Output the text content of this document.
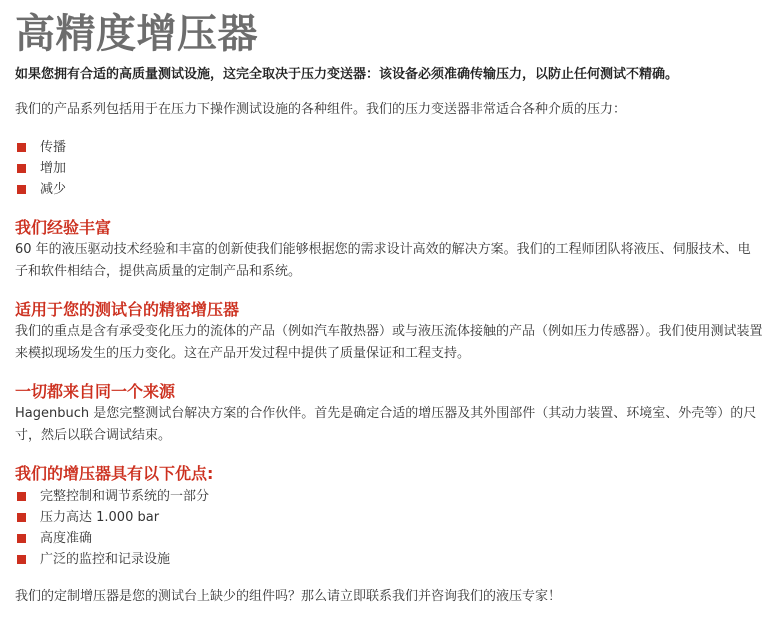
高精度增压器
如果您拥有合适的高质量测试设施，这完全取决于压力变送器：该设备必须准确传输压力，以防止任何测试不精确。
我们的产品系列包括用于在压力下操作测试设施的各种组件。我们的压力变送器非常适合各种介质的压力：
传播
增加
减少
我们经验丰富
60 年的液压驱动技术经验和丰富的创新使我们能够根据您的需求设计高效的解决方案。我们的工程师团队将液压、伺服技术、电子和软件相结合，提供高质量的定制产品和系统。
适用于您的测试台的精密增压器
我们的重点是含有承受变化压力的流体的产品（例如汽车散热器）或与液压流体接触的产品（例如压力传感器）。我们使用测试装置来模拟现场发生的压力变化。这在产品开发过程中提供了质量保证和工程支持。
一切都来自同一个来源
Hagenbuch 是您完整测试台解决方案的合作伙伴。首先是确定合适的增压器及其外围部件（其动力装置、环境室、外壳等）的尺寸，然后以联合调试结束。
我们的增压器具有以下优点:
完整控制和调节系统的一部分
压力高达 1.000 bar
高度准确
广泛的监控和记录设施
我们的定制增压器是您的测试台上缺少的组件吗？那么请立即联系我们并咨询我们的液压专家！
